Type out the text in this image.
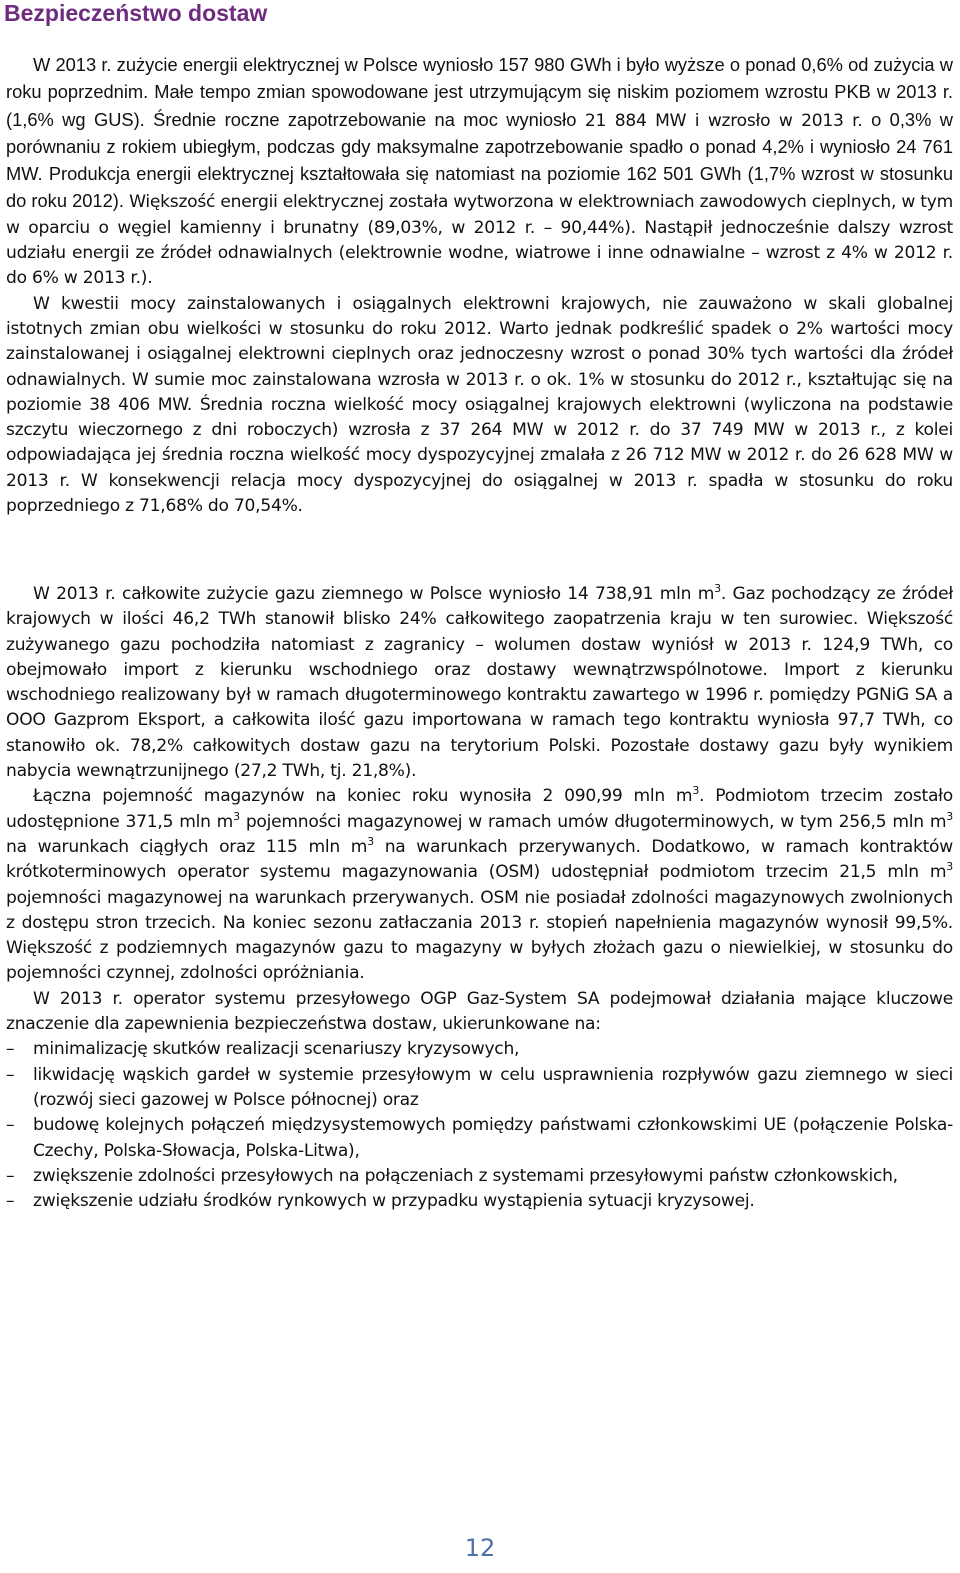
Bezpieczeństwo dostaw

W 2013 r. zużycie energii elektrycznej w Polsce wyniosło 157 980 GWh i było wyższe o ponad 0,6% od zużycia w roku poprzednim. Małe tempo zmian spowodowane jest utrzymującym się niskim poziomem wzrostu PKB w 2013 r. (1,6% wg GUS). Średnie roczne zapotrzebowanie na moc wyniosło 21 884 MW i wzrosło w 2013 r. o 0,3% w porównaniu z rokiem ubiegłym, podczas gdy maksymalne zapotrzebowanie spadło o ponad 4,2% i wyniosło 24 761 MW. Produkcja energii elektrycznej kształtowała się natomiast na poziomie 162 501 GWh (1,7% wzrost w stosunku do roku 2012). Większość energii elektrycznej została wytworzona w elektrowniach zawodowych cieplnych, w tym w oparciu o węgiel kamienny i brunatny (89,03%, w 2012 r. – 90,44%). Nastąpił jednocześnie dalszy wzrost udziału energii ze źródeł odnawialnych (elektrownie wodne, wiatrowe i inne odnawialne – wzrost z 4% w 2012 r. do 6% w 2013 r.).

W kwestii mocy zainstalowanych i osiągalnych elektrowni krajowych, nie zauważono w skali globalnej istotnych zmian obu wielkości w stosunku do roku 2012. Warto jednak podkreślić spadek o 2% wartości mocy zainstalowanej i osiągalnej elektrowni cieplnych oraz jednoczesny wzrost o ponad 30% tych wartości dla źródeł odnawialnych. W sumie moc zainstalowana wzrosła w 2013 r. o ok. 1% w stosunku do 2012 r., kształtując się na poziomie 38 406 MW. Średnia roczna wielkość mocy osiągalnej krajowych elektrowni (wyliczona na podstawie szczytu wieczornego z dni roboczych) wzrosła z 37 264 MW w 2012 r. do 37 749 MW w 2013 r., z kolei odpowiadająca jej średnia roczna wielkość mocy dyspozycyjnej zmalała z 26 712 MW w 2012 r. do 26 628 MW w 2013 r. W konsekwencji relacja mocy dyspozycyjnej do osiągalnej w 2013 r. spadła w stosunku do roku poprzedniego z 71,68% do 70,54%.

W 2013 r. całkowite zużycie gazu ziemnego w Polsce wyniosło 14 738,91 mln $m^3$. Gaz pochodzący ze źródeł krajowych w ilości 46,2 TWh stanowił blisko 24% całkowitego zaopatrzenia kraju w ten surowiec. Większość zużywanego gazu pochodziła natomiast z zagranicy – wolumen dostaw wyniósł w 2013 r. 124,9 TWh, co obejmowało import z kierunku wschodniego oraz dostawy wewnątrzwspólnotowe. Import z kierunku wschodniego realizowany był w ramach długoterminowego kontraktu zawartego w 1996 r. pomiędzy PGNiG SA a OOO Gazprom Eksport, a całkowita ilość gazu importowana w ramach tego kontraktu wyniosła 97,7 TWh, co stanowiło ok. 78,2% całkowitych dostaw gazu na terytorium Polski. Pozostałe dostawy gazu były wynikiem nabycia wewnątrzunijnego (27,2 TWh, tj. 21,8%).

Łączna pojemność magazynów na koniec roku wynosiła 2 090,99 mln $m^3$. Podmiotom trzecim zostało udostępnione 371,5 mln $m^3$ pojemności magazynowej w ramach umów długoterminowych, w tym 256,5 mln $m^3$ na warunkach ciągłych oraz 115 mln $m^3$ na warunkach przerywanych. Dodatkowo, w ramach kontraktów krótkoterminowych operator systemu magazynowania (OSM) udostępniał podmiotom trzecim 21,5 mln $m^3$ pojemności magazynowej na warunkach przerywanych. OSM nie posiadał zdolności magazynowych zwolnionych z dostępu stron trzecich. Na koniec sezonu zatłaczania 2013 r. stopień napełnienia magazynów wynosił 99,5%. Większość z podziemnych magazynów gazu to magazyny w byłych złożach gazu o niewielkiej, w stosunku do pojemności czynnej, zdolności opróżniania.

W 2013 r. operator systemu przesyłowego OGP Gaz-System SA podejmował działania mające kluczowe znaczenie dla zapewnienia bezpieczeństwa dostaw, ukierunkowane na:

– minimalizację skutków realizacji scenariuszy kryzysowych,
– likwidację wąskich gardeł w systemie przesyłowym w celu usprawnienia rozpływów gazu ziemnego w sieci (rozwój sieci gazowej w Polsce północnej) oraz
– budowę kolejnych połączeń międzysystemowych pomiędzy państwami członkowskimi UE (połączenie Polska-Czechy, Polska-Słowacja, Polska-Litwa),
– zwiększenie zdolności przesyłowych na połączeniach z systemami przesyłowymi państw członkowskich,
– zwiększenie udziału środków rynkowych w przypadku wystąpienia sytuacji kryzysowej.
12
